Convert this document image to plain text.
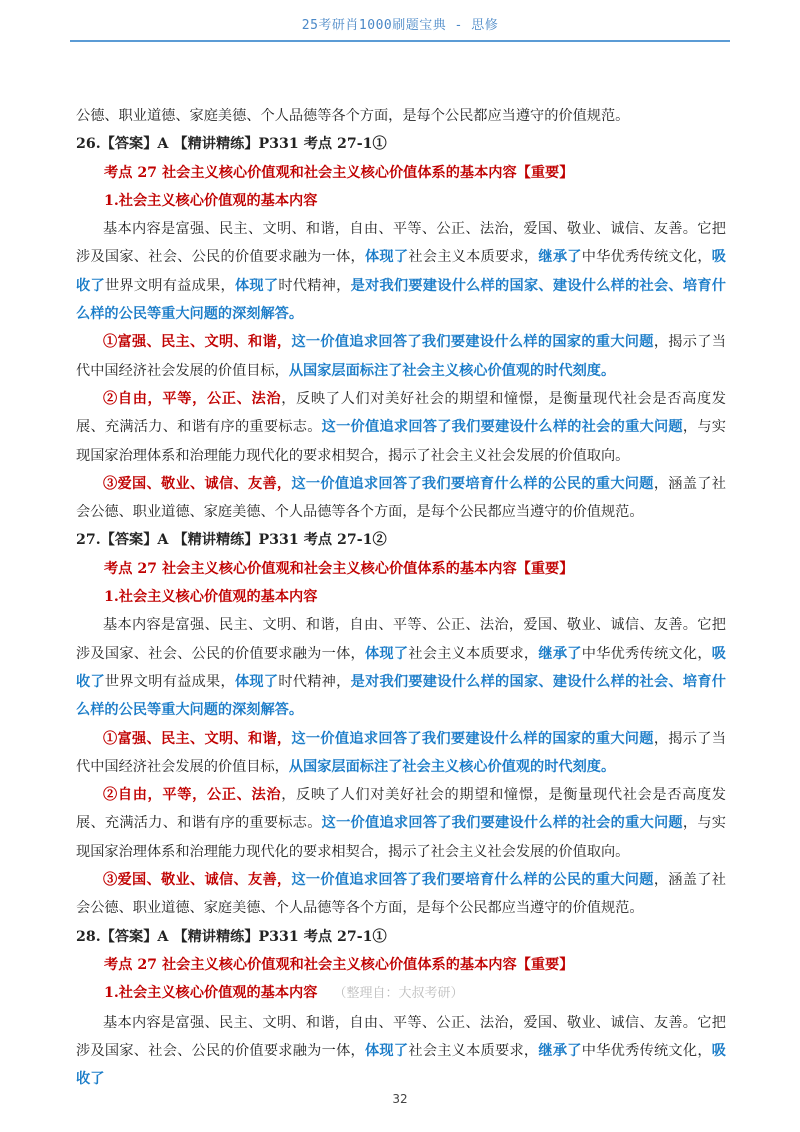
25考研肖1000刷题宝典 - 思修

公德、职业道德、家庭美德、个人品德等各个方面，是每个公民都应当遵守的价值规范。

26.【答案】A 【精讲精练】P331 考点 27-1①

考点 27 社会主义核心价值观和社会主义核心价值体系的基本内容【重要】

1.社会主义核心价值观的基本内容

基本内容是富强、民主、文明、和谐，自由、平等、公正、法治，爱国、敬业、诚信、友善。它把涉及国家、社会、公民的价值要求融为一体，体现了社会主义本质要求，继承了中华优秀传统文化，吸收了世界文明有益成果，体现了时代精神，是对我们要建设什么样的国家、建设什么样的社会、培育什么样的公民等重大问题的深刻解答。

①富强、民主、文明、和谐，这一价值追求回答了我们要建设什么样的国家的重大问题，揭示了当代中国经济社会发展的价值目标，从国家层面标注了社会主义核心价值观的时代刻度。

②自由，平等，公正、法治，反映了人们对美好社会的期望和憧憬，是衡量现代社会是否高度发展、充满活力、和谐有序的重要标志。这一价值追求回答了我们要建设什么样的社会的重大问题，与实现国家治理体系和治理能力现代化的要求相契合，揭示了社会主义社会发展的价值取向。

③爱国、敬业、诚信、友善，这一价值追求回答了我们要培育什么样的公民的重大问题，涵盖了社会公德、职业道德、家庭美德、个人品德等各个方面，是每个公民都应当遵守的价值规范。

27.【答案】A 【精讲精练】P331 考点 27-1②

考点 27 社会主义核心价值观和社会主义核心价值体系的基本内容【重要】

1.社会主义核心价值观的基本内容

基本内容是富强、民主、文明、和谐，自由、平等、公正、法治，爱国、敬业、诚信、友善。它把涉及国家、社会、公民的价值要求融为一体，体现了社会主义本质要求，继承了中华优秀传统文化，吸收了世界文明有益成果，体现了时代精神，是对我们要建设什么样的国家、建设什么样的社会、培育什么样的公民等重大问题的深刻解答。

①富强、民主、文明、和谐，这一价值追求回答了我们要建设什么样的国家的重大问题，揭示了当代中国经济社会发展的价值目标，从国家层面标注了社会主义核心价值观的时代刻度。

②自由，平等，公正、法治，反映了人们对美好社会的期望和憧憬，是衡量现代社会是否高度发展、充满活力、和谐有序的重要标志。这一价值追求回答了我们要建设什么样的社会的重大问题，与实现国家治理体系和治理能力现代化的要求相契合，揭示了社会主义社会发展的价值取向。

③爱国、敬业、诚信、友善，这一价值追求回答了我们要培育什么样的公民的重大问题，涵盖了社会公德、职业道德、家庭美德、个人品德等各个方面，是每个公民都应当遵守的价值规范。

28.【答案】A 【精讲精练】P331 考点 27-1①

考点 27 社会主义核心价值观和社会主义核心价值体系的基本内容【重要】

1.社会主义核心价值观的基本内容 （整理自：大叔考研）

基本内容是富强、民主、文明、和谐，自由、平等、公正、法治，爱国、敬业、诚信、友善。它把涉及国家、社会、公民的价值要求融为一体，体现了社会主义本质要求，继承了中华优秀传统文化，吸收了

32
